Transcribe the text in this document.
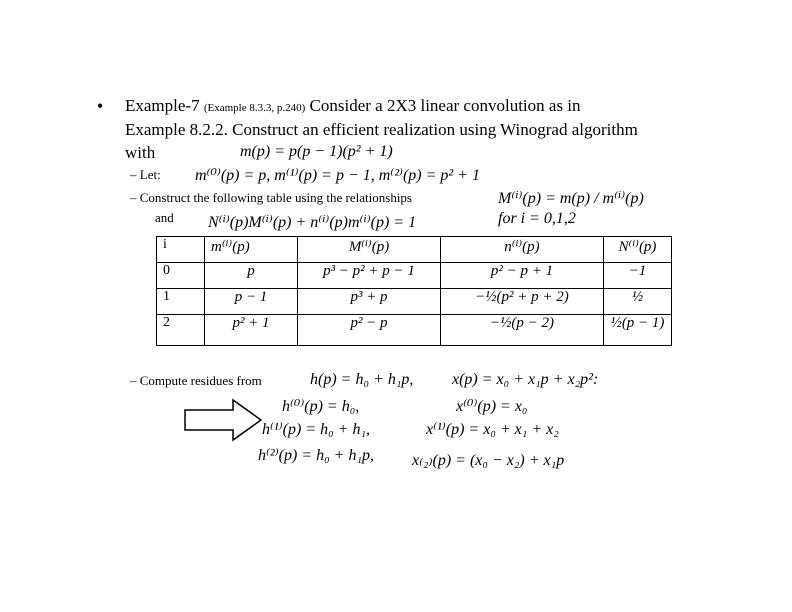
• Example-7 (Example 8.3.3, p.240) Consider a 2X3 linear convolution as in
Example 8.2.2. Construct an efficient realization using Winograd algorithm
with	m(p) = p(p − 1)(p² + 1)
– Let: m⁽⁰⁾(p) = p, m⁽¹⁾(p) = p − 1, m⁽²⁾(p) = p² + 1
– Construct the following table using the relationships	M⁽ⁱ⁾(p) = m(p) / m⁽ⁱ⁾(p)
and N⁽ⁱ⁾(p)M⁽ⁱ⁾(p) + n⁽ⁱ⁾(p)m⁽ⁱ⁾(p) = 1	for i = 0,1,2
i	m⁽ⁱ⁾(p)	M⁽ⁱ⁾(p)	n⁽ⁱ⁾(p)	N⁽ⁱ⁾(p)

0	p	p³ − p² + p − 1	p² − p + 1	−1

1	p − 1	p³ + p	−½(p² + p + 2)	½

2	p² + 1	p² − p	−½(p − 2)	½(p − 1)
– Compute residues from	h(p) = h₀ + h₁p, x(p) = x₀ + x₁p + x₂p²:
h⁽⁰⁾(p) = h₀,
h⁽¹⁾(p) = h₀ + h₁,
h⁽²⁾(p) = h₀ + h₁p,
x⁽⁰⁾(p) = x₀
x⁽¹⁾(p) = x₀ + x₁ + x₂
x₍₂₎(p) = (x₀ − x₂) + x₁p
